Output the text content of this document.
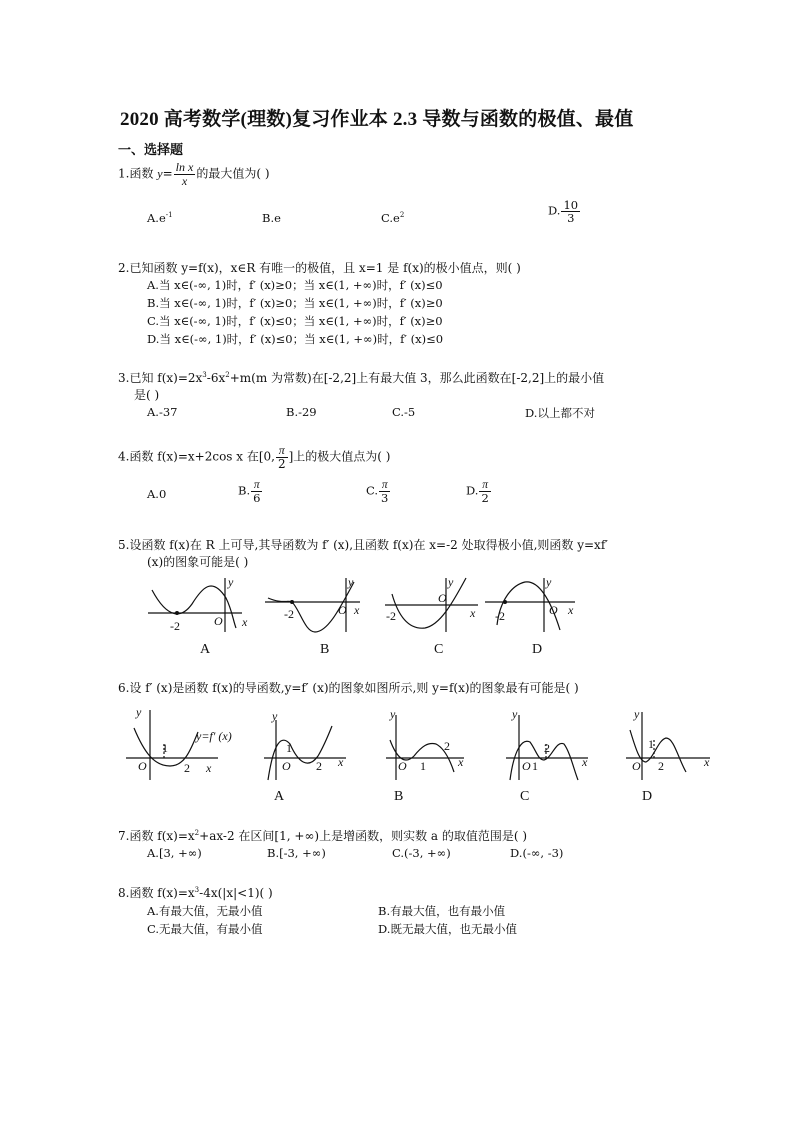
2020 高考数学(理数)复习作业本 2.3 导数与函数的极值、最值
一、选择题
1.函数 $y= \frac{\text{ln x}}{x}$ 的最大值为( )
$A.e^{-1}$	B.e	$C.e^2$	D. $\frac{10}{3}$
2.已知函数 y=f(x)，x∈R 有唯一的极值，且 x=1 是 f(x)的极小值点，则( )
A.当 x∈(-∞, 1)时，f′ (x)≥0；当 x∈(1, +∞)时，f′ (x)≤0
B.当 x∈(-∞, 1)时，f′ (x)≥0；当 x∈(1, +∞)时，f′ (x)≥0
C.当 x∈(-∞, 1)时，f′ (x)≤0；当 x∈(1, +∞)时，f′ (x)≥0
D.当 x∈(-∞, 1)时，f′ (x)≤0；当 x∈(1, +∞)时，f′ (x)≤0
3.已知 $f(x)=2x^3-6x^2+m(m$ 为常数)在[-2,2]上有最大值 3，那么此函数在[-2,2]上的最小值
是( )
A.-37	B.-29	C.-5	D.以上都不对
4.函数 f(x)=x+2cos x 在[0, $\frac{\pi}{2}$ ]上的极大值点为( )
A.0	B. $\frac{\pi}{6}$	C. $\frac{\pi}{3}$	D. $\frac{\pi}{2}$
5.设函数 f(x)在 R 上可导,其导函数为 f′ (x),且函数 f(x)在 x=-2 处取得极小值,则函数 y=xf′
(x)的图象可能是( )
y
x
O
-2
y
x
O
-2
y
x
O
-2
y
x
O
-2
A	B	C	D
6.设 f′ (x)是函数 f(x)的导函数,y=f′ (x)的图象如图所示,则 y=f(x)的图象最有可能是( )
y
x
O
1
2
y=f′ (x)
y
x
O
1
2
y
x
O 1
2
y
x
O 1
2
y
x
O
1
2
A	B	C	D
7.函数 $f(x)=x^2+ax-2$ 在区间[1, +∞)上是增函数，则实数 a 的取值范围是( )
A.[3, +∞)	B.[-3, +∞)	C.(-3, +∞)	D.(-∞, -3)
8.函数 $f(x)=x^3-4x(|x|<1)$( )
A.有最大值，无最小值	B.有最大值，也有最小值
C.无最大值，有最小值	D.既无最大值，也无最小值
